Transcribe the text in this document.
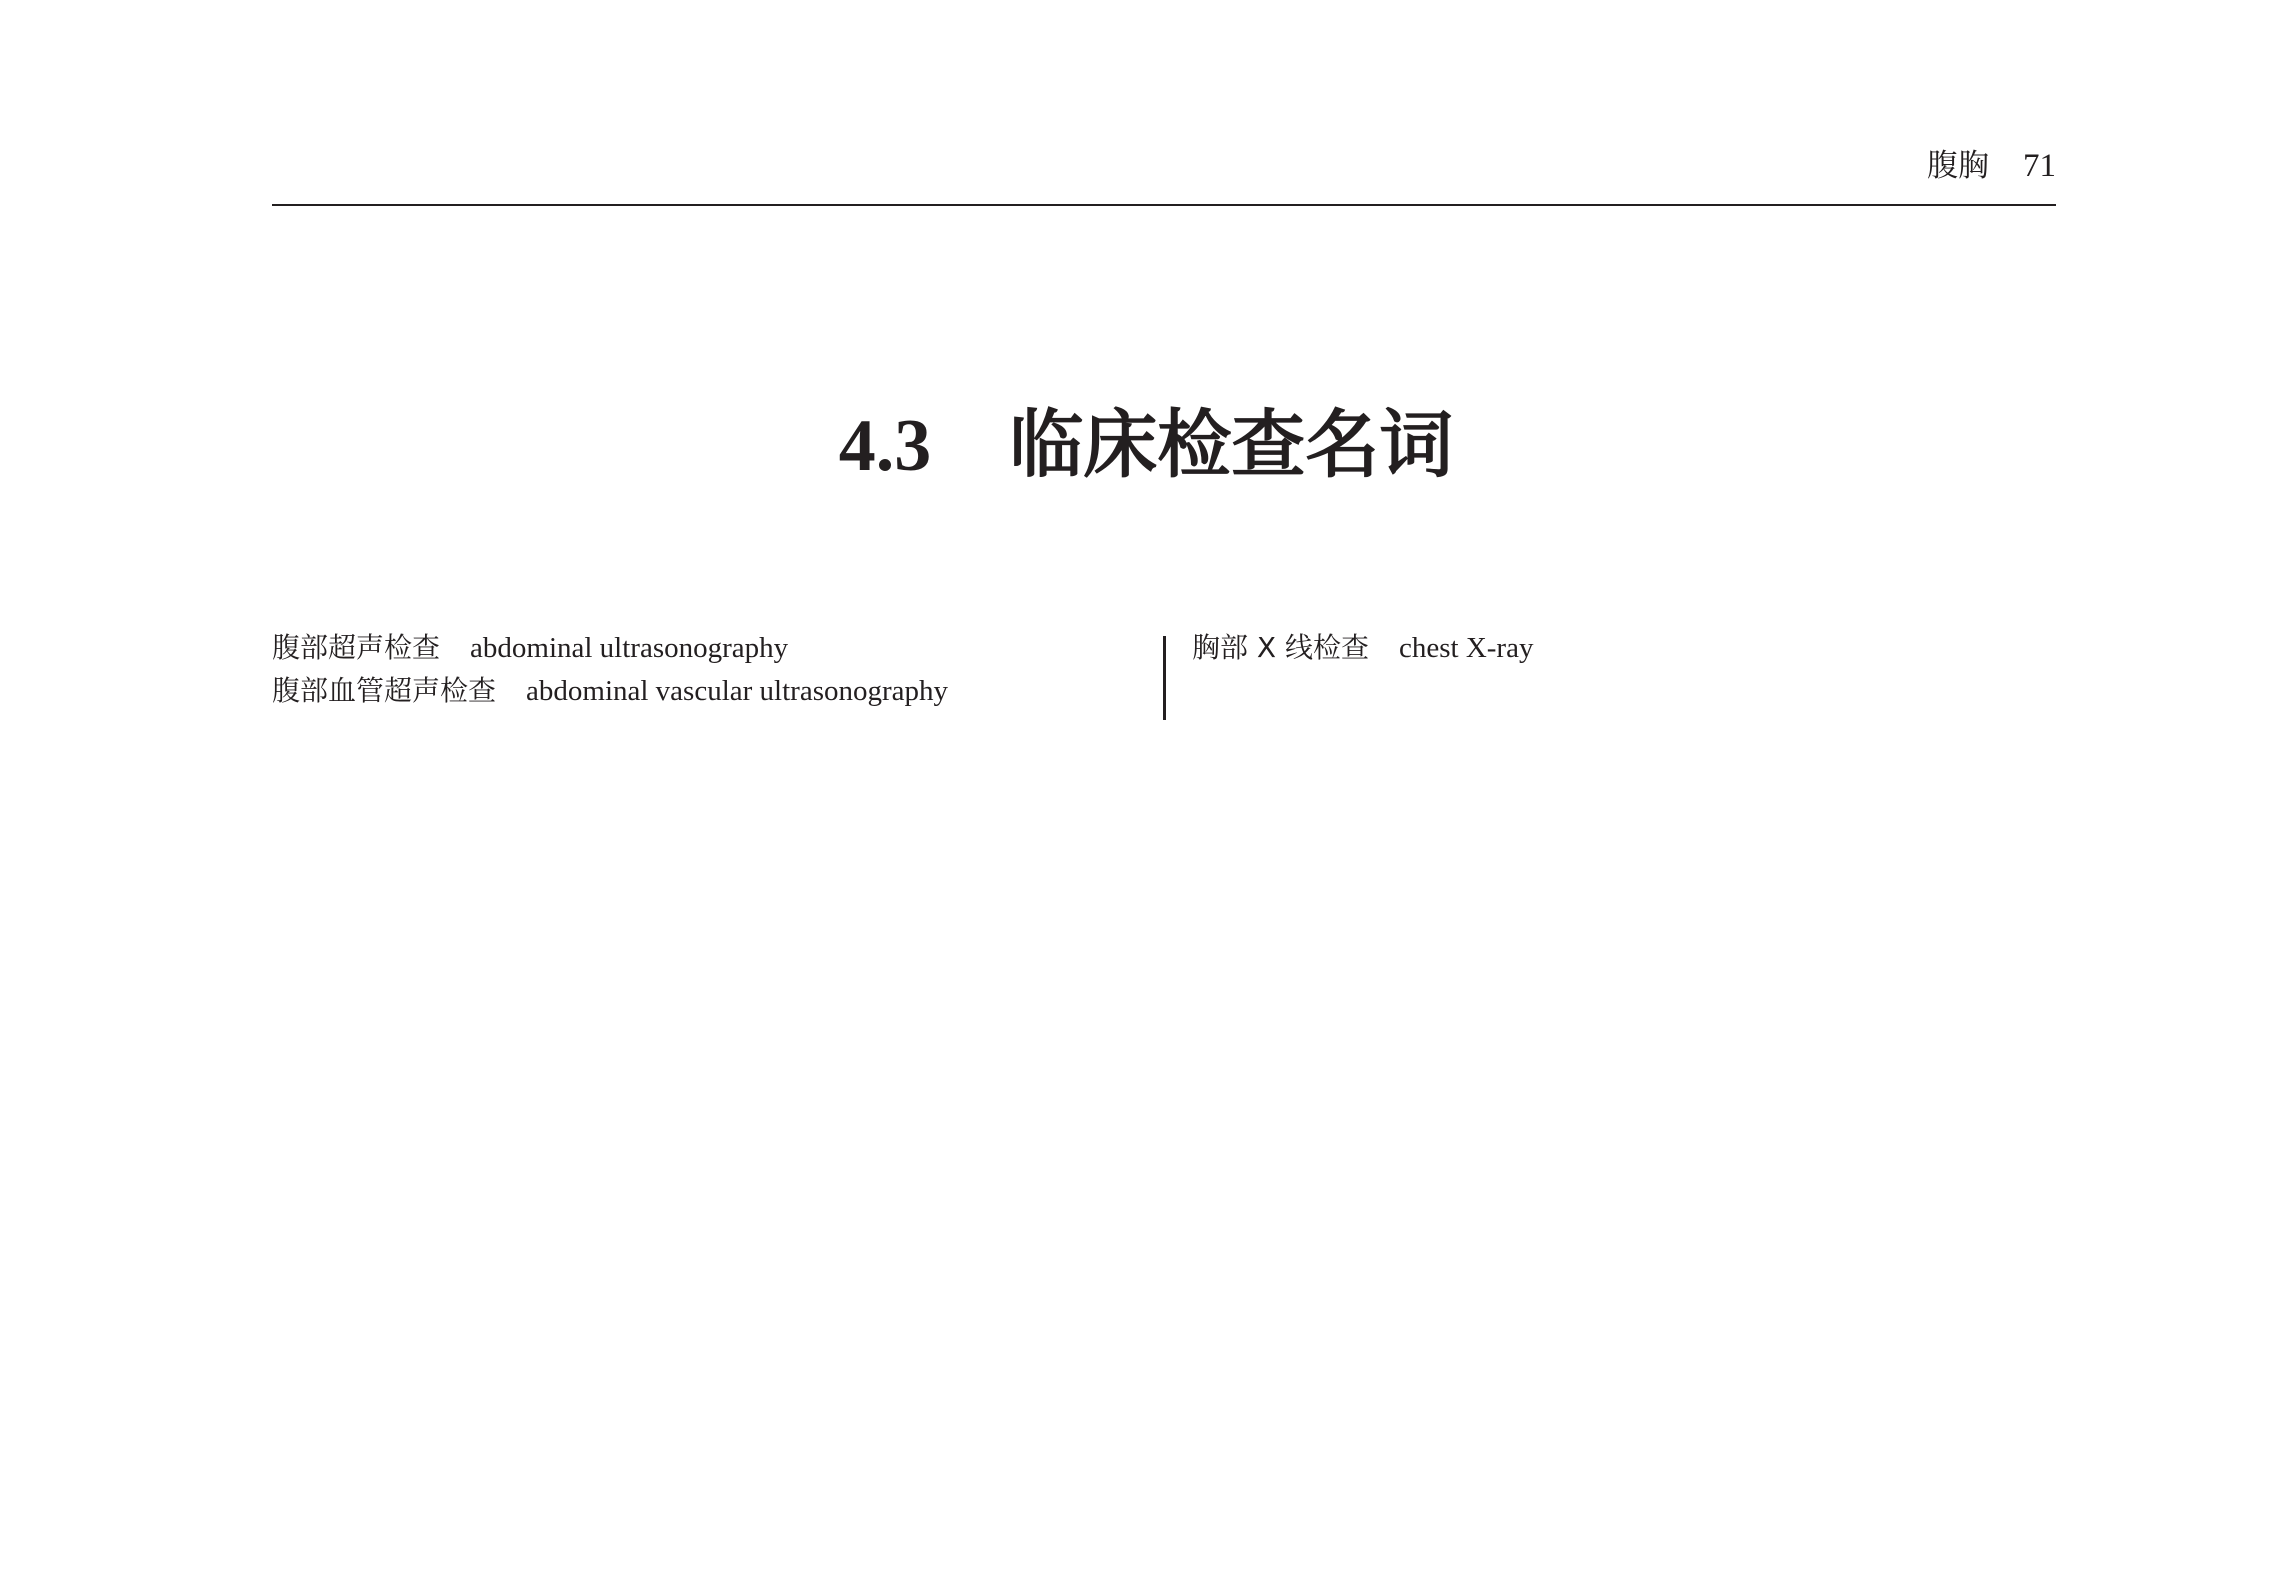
腹胸 71
4.3 临床检查名词
腹部超声检查 abdominal ultrasonography
腹部血管超声检查 abdominal vascular ultrasonography
胸部 X 线检查 chest X-ray
